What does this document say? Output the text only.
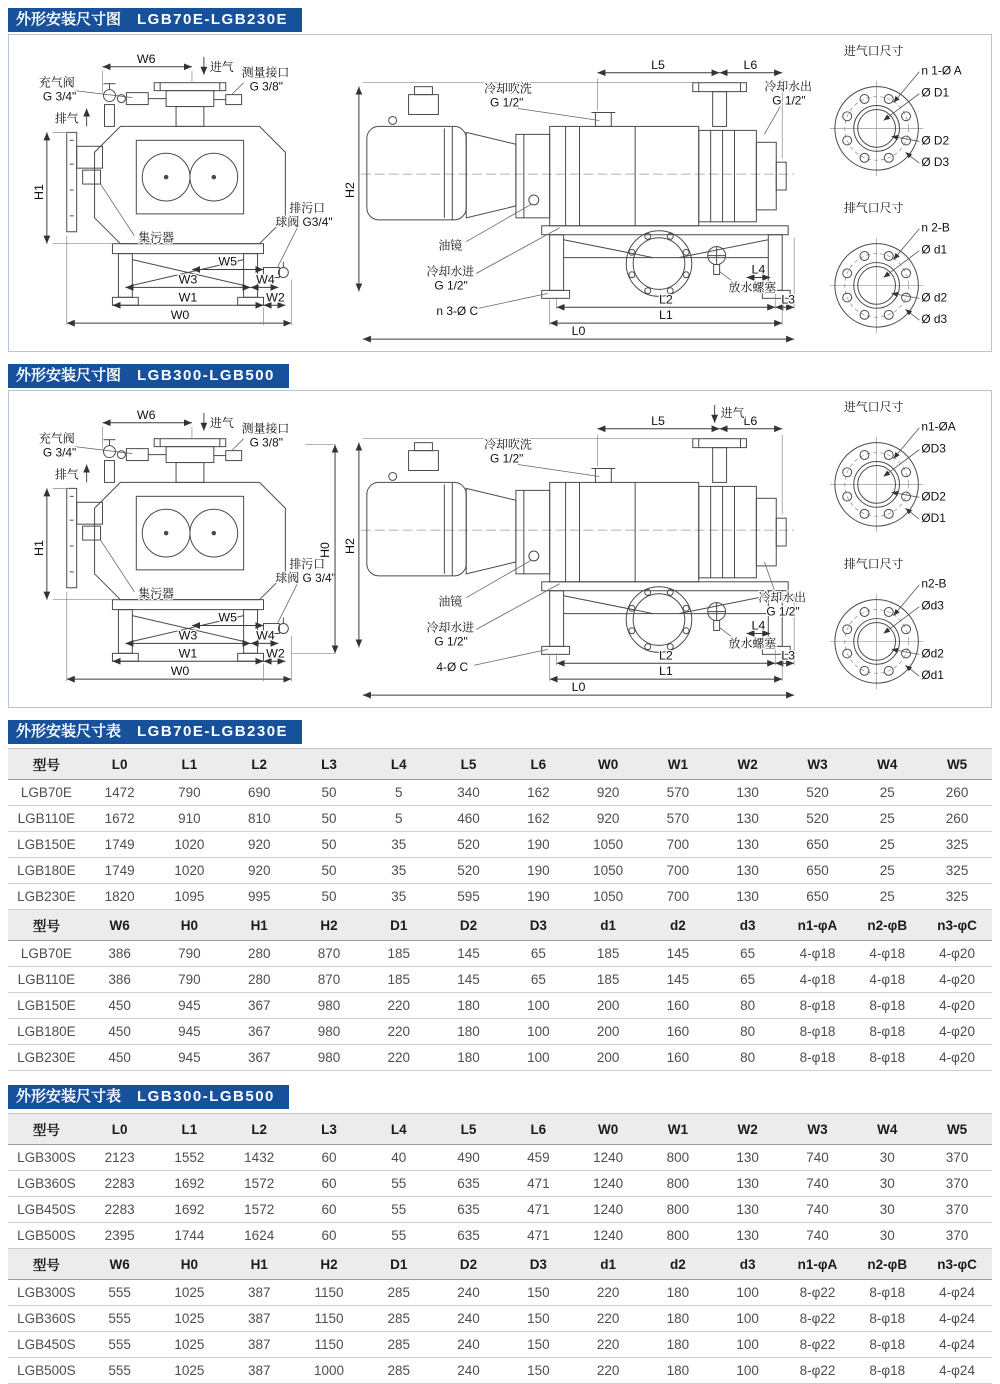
外形安装尺寸图 LGB70E-LGB230E
充气阀
G 3/4"
W6
进气 测量接口
G 3/8"
排气
H1
集污器
排污口
球阀 G3/4"
W5
W3	W4
W1	W2
W0
H2
冷却吹洗
G 1/2"
L5	L6
冷却水出
G 1/2"
油镜
冷却水进
G 1/2"	放水螺塞
L4
n 3-Ø C
L2	L3
L1
L0
进气口尺寸
n 1-Ø A
Ø D1
Ø D2
Ø D3
排气口尺寸
n 2-B
Ø d1
Ø d2
Ø d3
外形安装尺寸图 LGB300-LGB500
充气阀
G 3/4"
W6
进气 测量接口
G 3/8"
排气
H1
集污器
排污口
球阀 G 3/4"
W5
W3	W4
W1	W2
W0
H0 H2
冷却吹洗
G 1/2"
L5	L6
进气
冷却水出
G 1/2"
油镜
冷却水进
G 1/2"	放水螺塞
L4
4-Ø C
L2	L3
L1
L0
进气口尺寸
n1-ØA
ØD3
ØD2
ØD1
排气口尺寸
n2-B
Ød3
Ød2
Ød1
外形安装尺寸表 LGB70E-LGB230E
型号	L0	L1	L2	L3	L4	L5	L6	W0	W1	W2	W3	W4	W5
LGB70E	1472	790	690	50	5	340	162	920	570	130	520	25	260
LGB110E	1672	910	810	50	5	460	162	920	570	130	520	25	260
LGB150E	1749	1020	920	50	35	520	190	1050	700	130	650	25	325
LGB180E	1749	1020	920	50	35	520	190	1050	700	130	650	25	325
LGB230E	1820	1095	995	50	35	595	190	1050	700	130	650	25	325
型号	W6	H0	H1	H2	D1	D2	D3	d1	d2	d3	n1-φA	n2-φB	n3-φC
LGB70E	386	790	280	870	185	145	65	185	145	65	4-φ18	4-φ18	4-φ20
LGB110E	386	790	280	870	185	145	65	185	145	65	4-φ18	4-φ18	4-φ20
LGB150E	450	945	367	980	220	180	100	200	160	80	8-φ18	8-φ18	4-φ20
LGB180E	450	945	367	980	220	180	100	200	160	80	8-φ18	8-φ18	4-φ20
LGB230E	450	945	367	980	220	180	100	200	160	80	8-φ18	8-φ18	4-φ20
外形安装尺寸表 LGB300-LGB500
型号	L0	L1	L2	L3	L4	L5	L6	W0	W1	W2	W3	W4	W5
LGB300S	2123	1552	1432	60	40	490	459	1240	800	130	740	30	370
LGB360S	2283	1692	1572	60	55	635	471	1240	800	130	740	30	370
LGB450S	2283	1692	1572	60	55	635	471	1240	800	130	740	30	370
LGB500S	2395	1744	1624	60	55	635	471	1240	800	130	740	30	370
型号	W6	H0	H1	H2	D1	D2	D3	d1	d2	d3	n1-φA	n2-φB	n3-φC
LGB300S	555	1025	387	1150	285	240	150	220	180	100	8-φ22	8-φ18	4-φ24
LGB360S	555	1025	387	1150	285	240	150	220	180	100	8-φ22	8-φ18	4-φ24
LGB450S	555	1025	387	1150	285	240	150	220	180	100	8-φ22	8-φ18	4-φ24
LGB500S	555	1025	387	1000	285	240	150	220	180	100	8-φ22	8-φ18	4-φ24
